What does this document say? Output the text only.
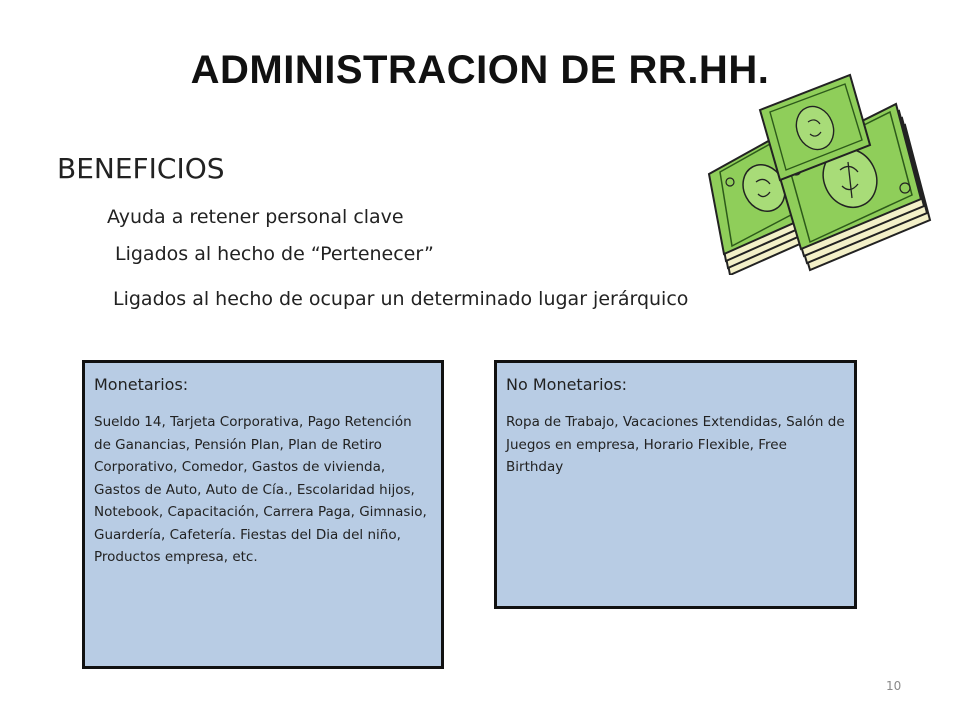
ADMINISTRACION DE RR.HH.
BENEFICIOS
Ayuda a retener personal clave
Ligados al hecho de “Pertenecer”
Ligados al hecho de ocupar un determinado lugar jerárquico
Monetarios:
Sueldo 14, Tarjeta Corporativa, Pago Retención de Ganancias, Pensión Plan, Plan de Retiro Corporativo, Comedor, Gastos de vivienda, Gastos de Auto, Auto de Cía., Escolaridad hijos, Notebook, Capacitación, Carrera Paga, Gimnasio, Guardería, Cafetería. Fiestas del Dia del niño, Productos empresa, etc.
No Monetarios:
Ropa de Trabajo, Vacaciones Extendidas, Salón de Juegos en empresa, Horario Flexible, Free Birthday
10
